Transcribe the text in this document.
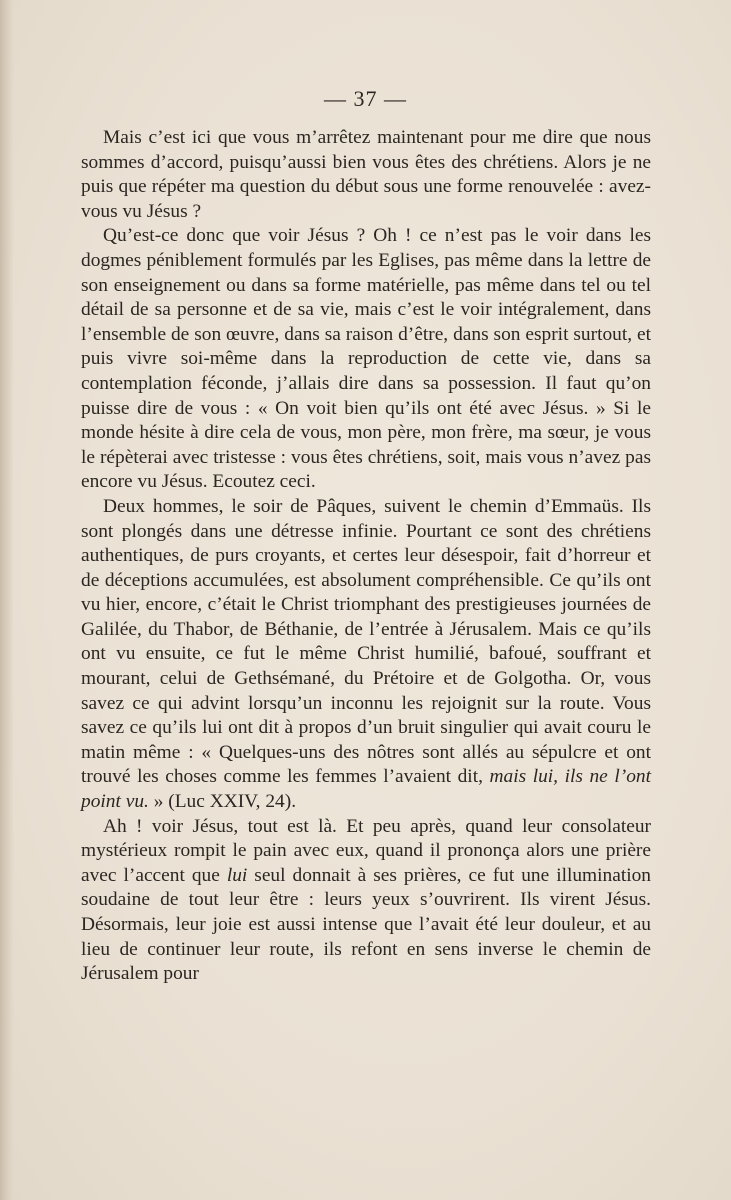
— 37 —

Mais c’est ici que vous m’arrêtez maintenant pour me dire que nous sommes d’accord, puisqu’aussi bien vous êtes des chrétiens. Alors je ne puis que répéter ma question du début sous une forme renouvelée : avez-vous vu Jésus ?

Qu’est-ce donc que voir Jésus ? Oh ! ce n’est pas le voir dans les dogmes péniblement formulés par les Eglises, pas même dans la lettre de son enseignement ou dans sa forme matérielle, pas même dans tel ou tel détail de sa personne et de sa vie, mais c’est le voir intégralement, dans l’ensemble de son œuvre, dans sa raison d’être, dans son esprit surtout, et puis vivre soi-même dans la reproduction de cette vie, dans sa contemplation féconde, j’allais dire dans sa possession. Il faut qu’on puisse dire de vous : « On voit bien qu’ils ont été avec Jésus. » Si le monde hésite à dire cela de vous, mon père, mon frère, ma sœur, je vous le répèterai avec tristesse : vous êtes chrétiens, soit, mais vous n’avez pas encore vu Jésus. Ecoutez ceci.

Deux hommes, le soir de Pâques, suivent le chemin d’Emmaüs. Ils sont plongés dans une détresse infinie. Pourtant ce sont des chrétiens authentiques, de purs croyants, et certes leur désespoir, fait d’horreur et de déceptions accumulées, est absolument compréhensible. Ce qu’ils ont vu hier, encore, c’était le Christ triomphant des prestigieuses journées de Galilée, du Thabor, de Béthanie, de l’entrée à Jérusalem. Mais ce qu’ils ont vu ensuite, ce fut le même Christ humilié, bafoué, souffrant et mourant, celui de Gethsémané, du Prétoire et de Golgotha. Or, vous savez ce qui advint lorsqu’un inconnu les rejoignit sur la route. Vous savez ce qu’ils lui ont dit à propos d’un bruit singulier qui avait couru le matin même : « Quelques-uns des nôtres sont allés au sépulcre et ont trouvé les choses comme les femmes l’avaient dit, mais lui, ils ne l’ont point vu. » (Luc XXIV, 24).

Ah ! voir Jésus, tout est là. Et peu après, quand leur consolateur mystérieux rompit le pain avec eux, quand il prononça alors une prière avec l’accent que lui seul donnait à ses prières, ce fut une illumination soudaine de tout leur être : leurs yeux s’ouvrirent. Ils virent Jésus. Désormais, leur joie est aussi intense que l’avait été leur douleur, et au lieu de continuer leur route, ils refont en sens inverse le chemin de Jérusalem pour
